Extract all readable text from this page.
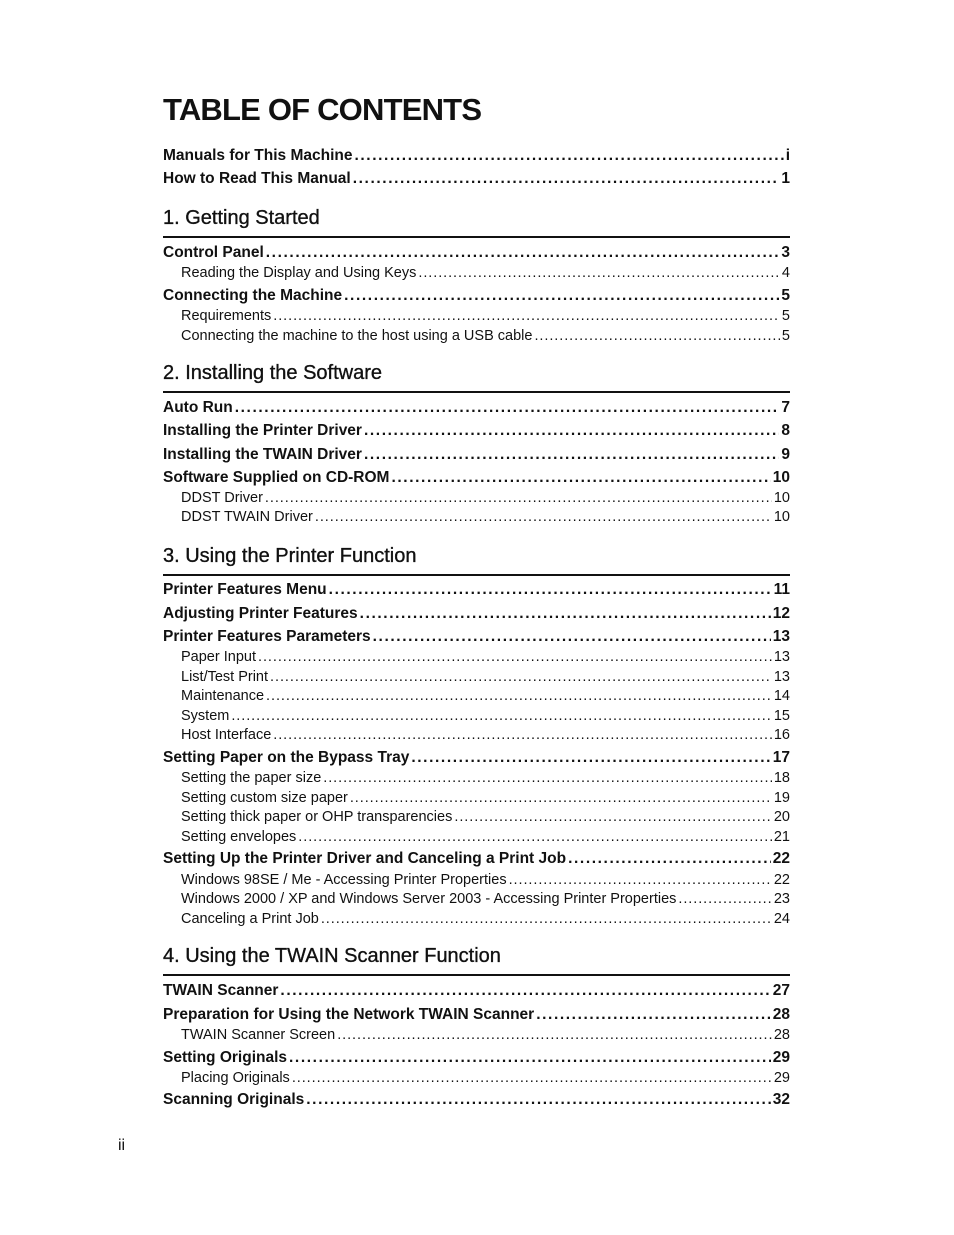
TABLE OF CONTENTS
Manuals for This Machine . . .	i
How to Read This Manual . . .	1
1. Getting Started
Control Panel . . .	3
Reading the Display and Using Keys . . .	4
Connecting the Machine . . .	5
Requirements . . .	5
Connecting the machine to the host using a USB cable . . .	5
2. Installing the Software
Auto Run . . .	7
Installing the Printer Driver . . .	8
Installing the TWAIN Driver . . .	9
Software Supplied on CD-ROM . . .	10
DDST Driver . . .	10
DDST TWAIN Driver . . .	10
3. Using the Printer Function
Printer Features Menu . . .	11
Adjusting Printer Features . . .	12
Printer Features Parameters . . .	13
Paper Input . . .	13
List/Test Print . . .	13
Maintenance . . .	14
System . . .	15
Host Interface . . .	16
Setting Paper on the Bypass Tray . . .	17
Setting the paper size . . .	18
Setting custom size paper . . .	19
Setting thick paper or OHP transparencies . . .	20
Setting envelopes . . .	21
Setting Up the Printer Driver and Canceling a Print Job . . .	22
Windows 98SE / Me - Accessing Printer Properties . . .	22
Windows 2000 / XP and Windows Server 2003 - Accessing Printer Properties . . .	23
Canceling a Print Job . . .	24
4. Using the TWAIN Scanner Function
TWAIN Scanner . . .	27
Preparation for Using the Network TWAIN Scanner . . .	28
TWAIN Scanner Screen . . .	28
Setting Originals . . .	29
Placing Originals . . .	29
Scanning Originals . . .	32
ii
